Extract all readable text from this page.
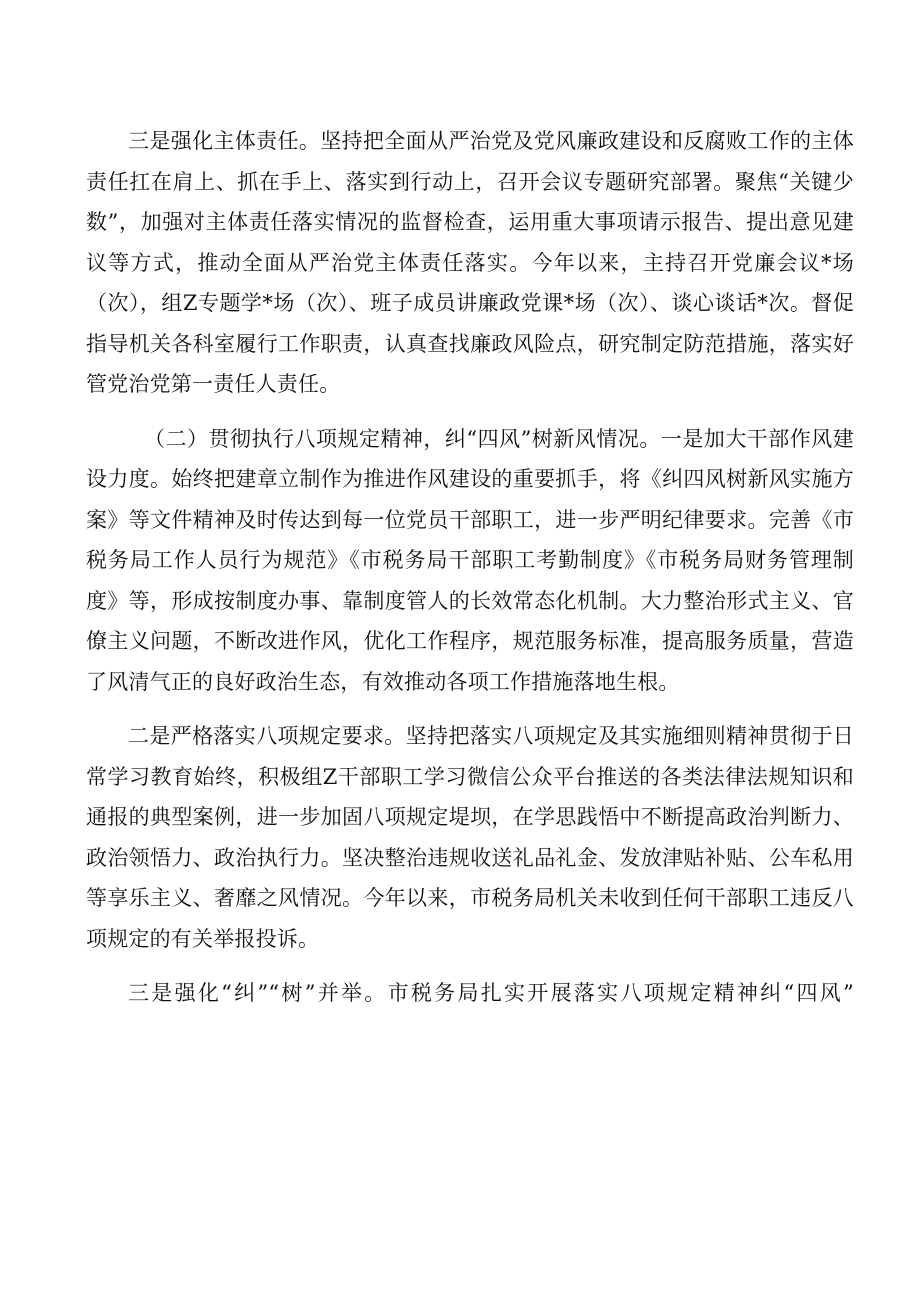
三是强化主体责任。坚持把全面从严治党及党风廉政建设和反腐败工作的主体责任扛在肩上、抓在手上、落实到行动上，召开会议专题研究部署。聚焦“关键少数”，加强对主体责任落实情况的监督检查，运用重大事项请示报告、提出意见建议等方式，推动全面从严治党主体责任落实。今年以来，主持召开党廉会议*场（次），组Z专题学*场（次）、班子成员讲廉政党课*场（次）、谈心谈话*次。督促指导机关各科室履行工作职责，认真查找廉政风险点，研究制定防范措施，落实好管党治党第一责任人责任。

（二）贯彻执行八项规定精神，纠“四风”树新风情况。一是加大干部作风建设力度。始终把建章立制作为推进作风建设的重要抓手，将《纠四风树新风实施方案》等文件精神及时传达到每一位党员干部职工，进一步严明纪律要求。完善《市税务局工作人员行为规范》《市税务局干部职工考勤制度》《市税务局财务管理制度》等，形成按制度办事、靠制度管人的长效常态化机制。大力整治形式主义、官僚主义问题，不断改进作风，优化工作程序，规范服务标准，提高服务质量，营造了风清气正的良好政治生态，有效推动各项工作措施落地生根。

二是严格落实八项规定要求。坚持把落实八项规定及其实施细则精神贯彻于日常学习教育始终，积极组Z干部职工学习微信公众平台推送的各类法律法规知识和通报的典型案例，进一步加固八项规定堤坝，在学思践悟中不断提高政治判断力、政治领悟力、政治执行力。坚决整治违规收送礼品礼金、发放津贴补贴、公车私用等享乐主义、奢靡之风情况。今年以来，市税务局机关未收到任何干部职工违反八项规定的有关举报投诉。

三是强化“纠”“树”并举。市税务局扎实开展落实八项规定精神纠“四风”
